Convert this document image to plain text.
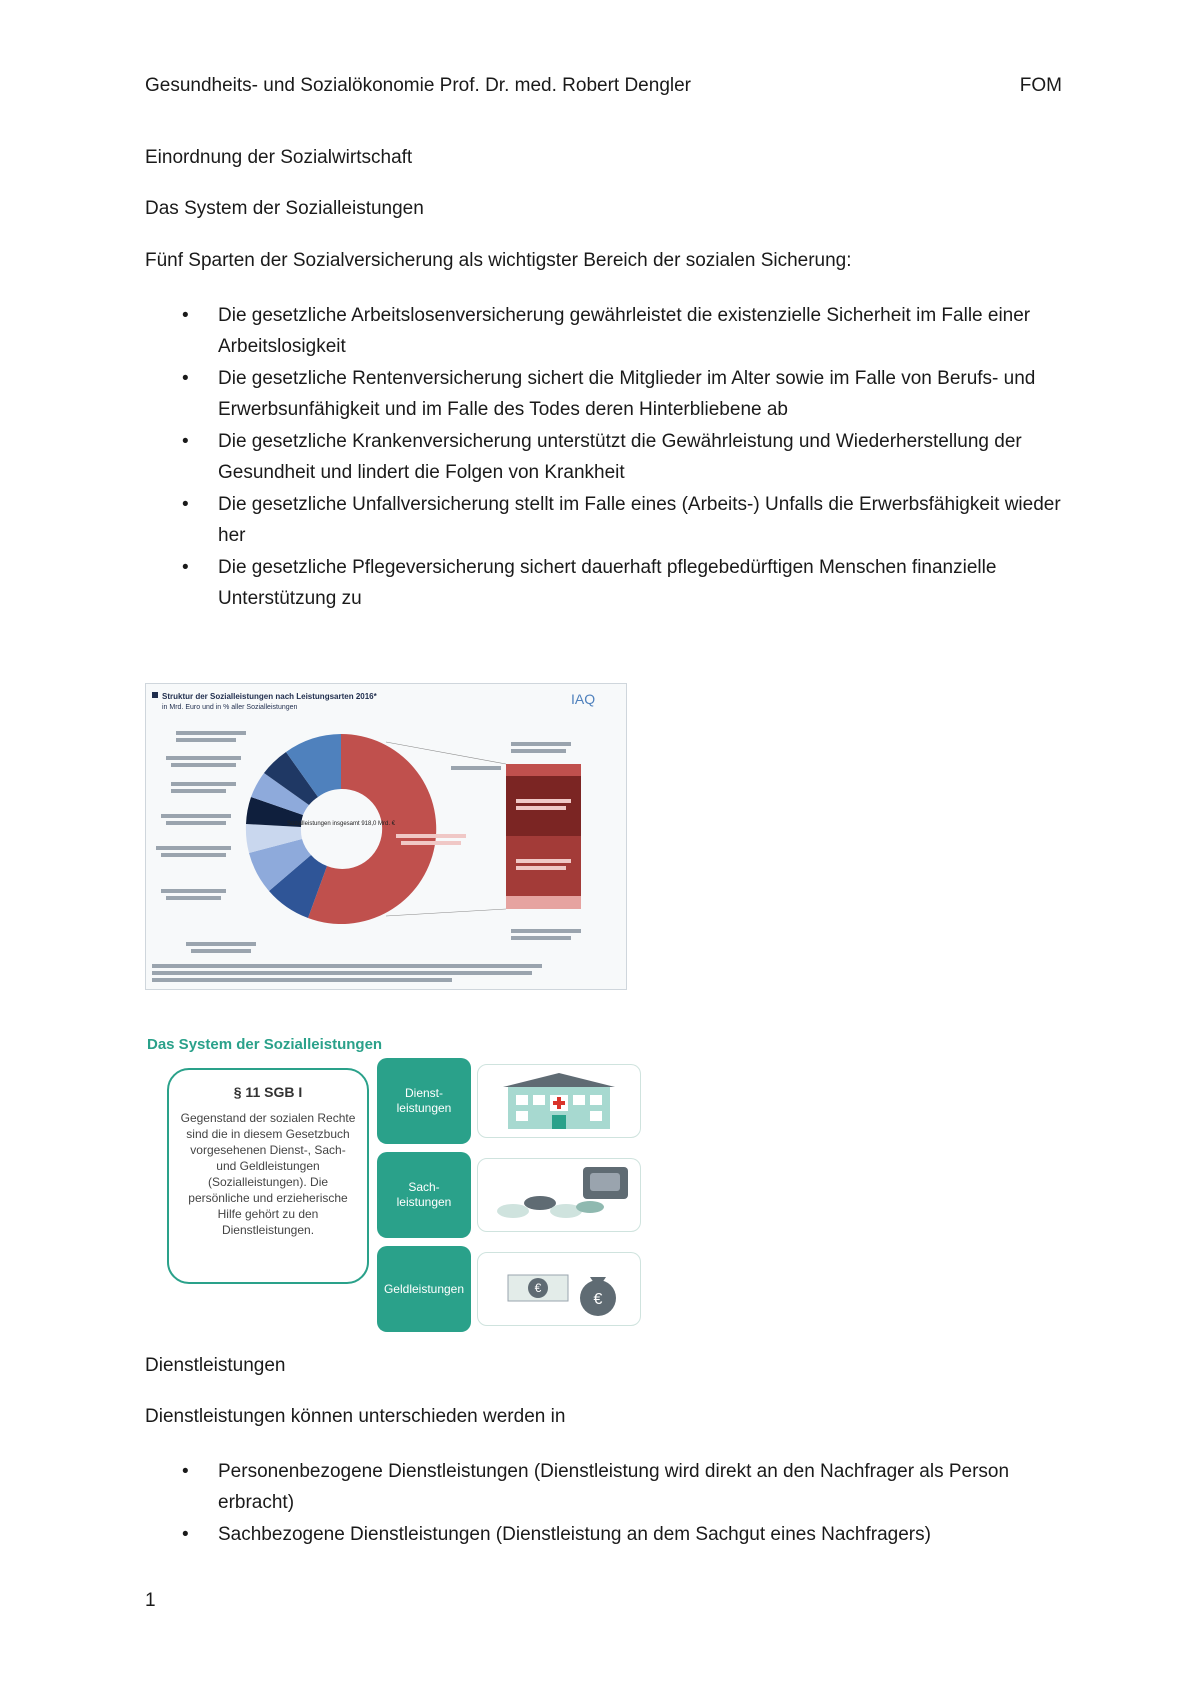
Gesundheits- und Sozialökonomie Prof. Dr. med. Robert Dengler	FOM
Einordnung der Sozialwirtschaft
Das System der Sozialleistungen
Fünf Sparten der Sozialversicherung als wichtigster Bereich der sozialen Sicherung:
• Die gesetzliche Arbeitslosenversicherung gewährleistet die existenzielle Sicherheit im Falle einer Arbeitslosigkeit
• Die gesetzliche Rentenversicherung sichert die Mitglieder im Alter sowie im Falle von Berufs- und Erwerbsunfähigkeit und im Falle des Todes deren Hinterbliebene ab
• Die gesetzliche Krankenversicherung unterstützt die Gewährleistung und Wiederherstellung der Gesundheit und lindert die Folgen von Krankheit
• Die gesetzliche Unfallversicherung stellt im Falle eines (Arbeits-) Unfalls die Erwerbsfähigkeit wieder her
• Die gesetzliche Pflegeversicherung sichert dauerhaft pflegebedürftigen Menschen finanzielle Unterstützung zu
Struktur der Sozialleistungen nach Leistungsarten 2016*
in Mrd. Euro und in % aller Sozialleistungen
IAQ
Sozialleistungen insgesamt 918,0 Mrd. €
Das System der Sozialleistungen
§ 11 SGB I
Gegenstand der sozialen Rechte sind die in diesem Gesetzbuch vorgesehenen Dienst-, Sach- und Geldleistungen (Sozialleistungen). Die persönliche und erzieherische Hilfe gehört zu den Dienstleistungen.
Dienst-
leistungen
Sach-
leistungen
Geldleistungen	€
€
Dienstleistungen
Dienstleistungen können unterschieden werden in
• Personenbezogene Dienstleistungen (Dienstleistung wird direkt an den Nachfrager als Person erbracht)
• Sachbezogene Dienstleistungen (Dienstleistung an dem Sachgut eines Nachfragers)
1
